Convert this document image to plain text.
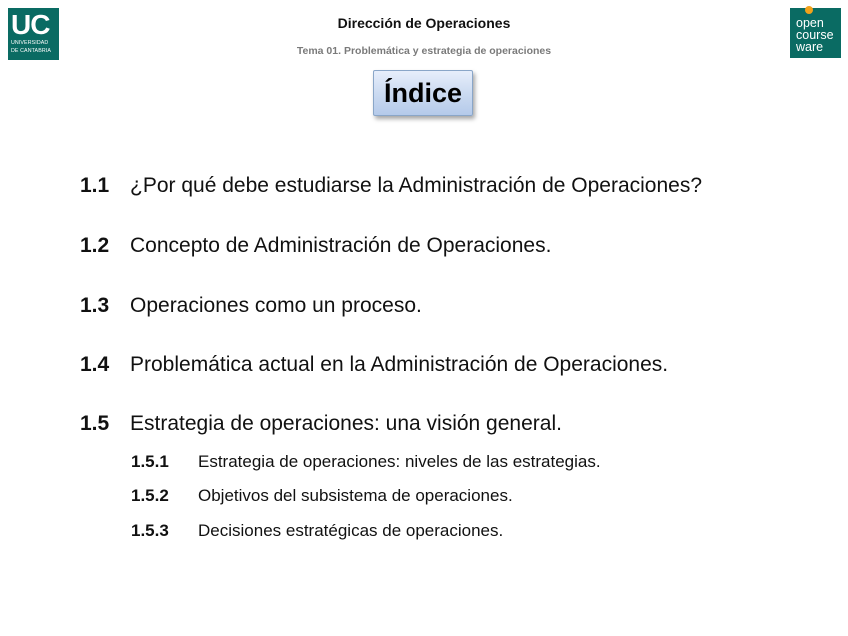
UC
UNIVERSIDAD
DE CANTABRIA
open
course
ware
Dirección de Operaciones
Tema 01. Problemática y estrategia de operaciones
Índice
1.1 ¿Por qué debe estudiarse la Administración de Operaciones?
1.2 Concepto de Administración de Operaciones.
1.3 Operaciones como un proceso.
1.4 Problemática actual en la Administración de Operaciones.
1.5 Estrategia de operaciones: una visión general.
1.5.1 Estrategia de operaciones: niveles de las estrategias.
1.5.2 Objetivos del subsistema de operaciones.
1.5.3 Decisiones estratégicas de operaciones.
